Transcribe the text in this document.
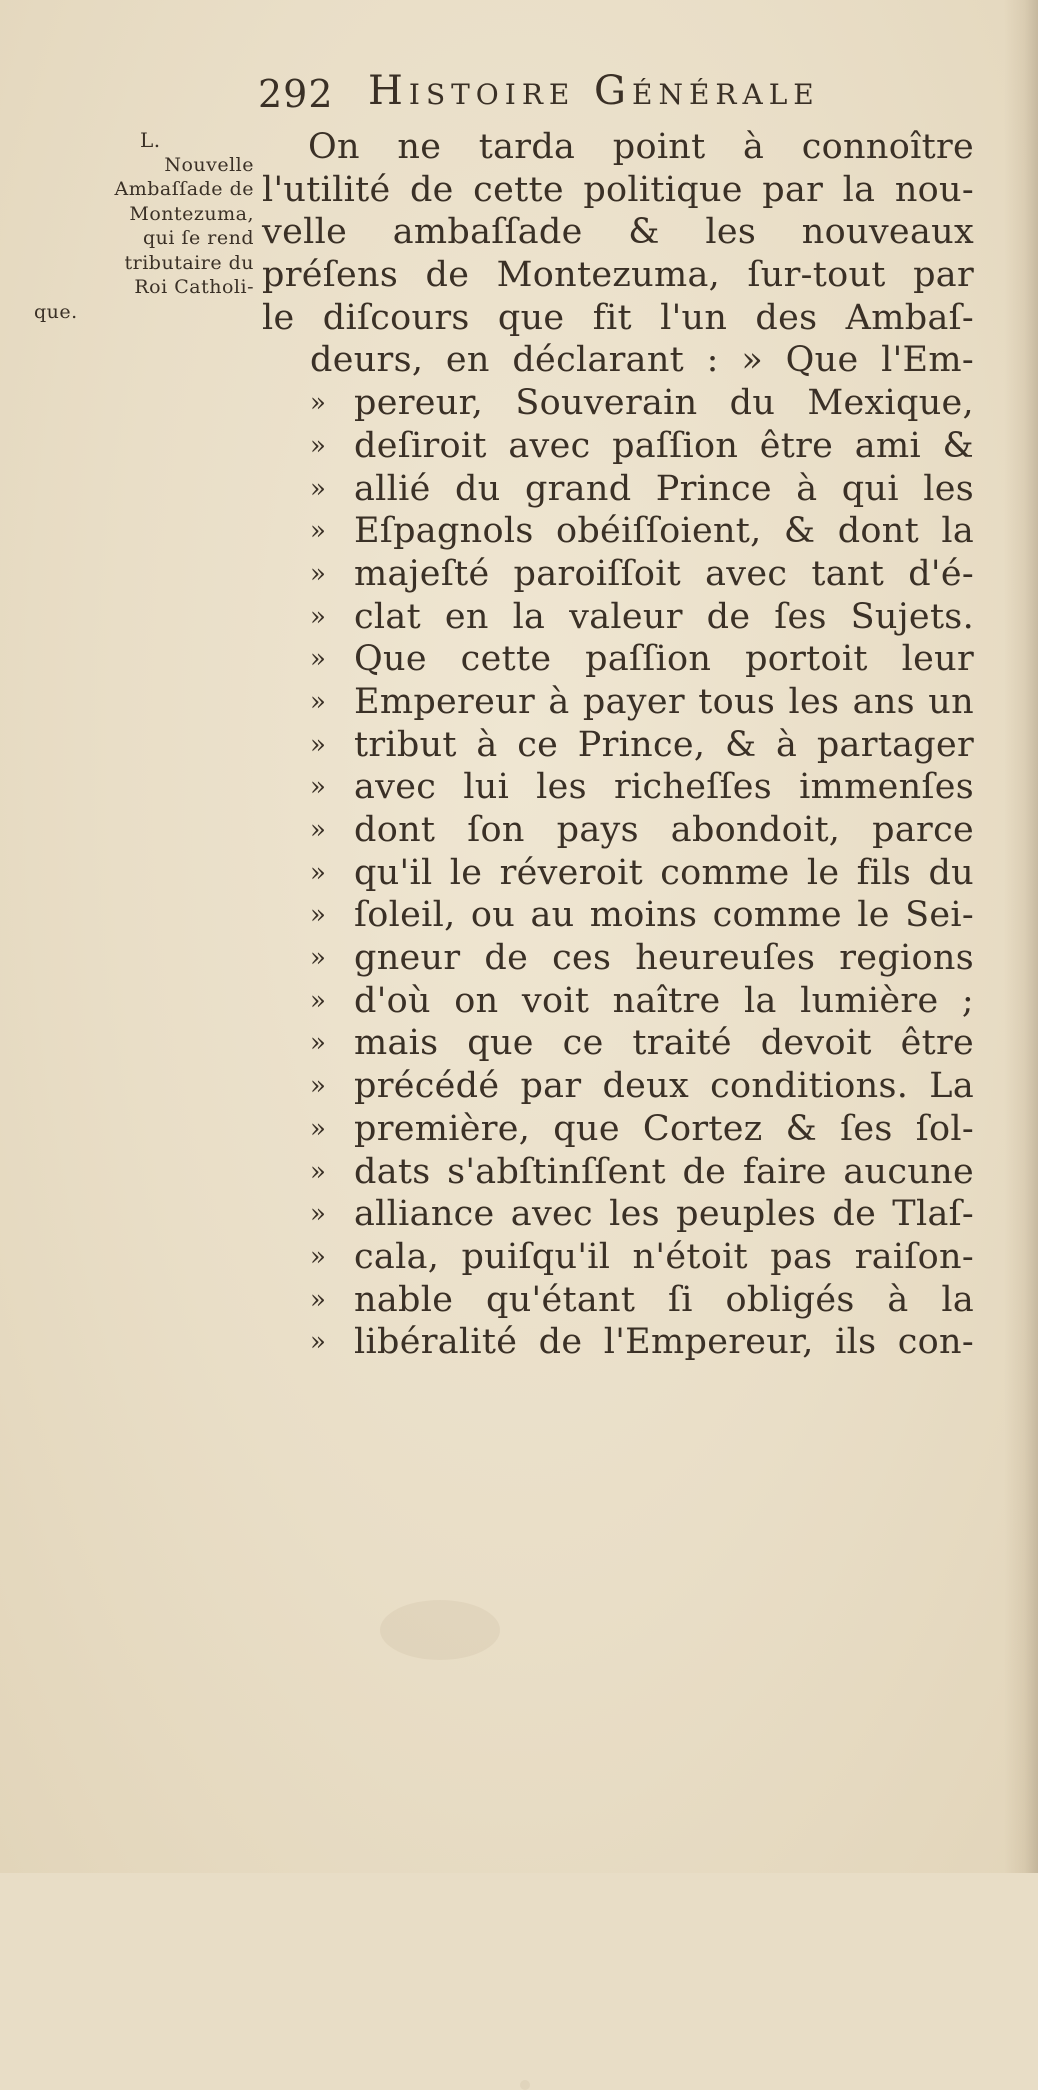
292 Histoire Générale
L.
Nouvelle
Ambaſſade de
Montezuma,
qui ſe rend
tributaire du
Roi Catholi-
que.
On ne tarda point à connoître
l'utilité de cette politique par la nou-
velle ambaſſade & les nouveaux
préſens de Montezuma, ſur-tout par
le diſcours que fit l'un des Ambaſ-
deurs, en déclarant : » Que l'Em-
» pereur, Souverain du Mexique,
» deſiroit avec paſſion être ami &
» allié du grand Prince à qui les
» Eſpagnols obéiſſoient, & dont la
» majeſté paroiſſoit avec tant d'é-
» clat en la valeur de ſes Sujets.
» Que cette paſſion portoit leur
» Empereur à payer tous les ans un
» tribut à ce Prince, & à partager
» avec lui les richeſſes immenſes
» dont ſon pays abondoit, parce
» qu'il le réveroit comme le fils du
» ſoleil, ou au moins comme le Sei-
» gneur de ces heureuſes regions
» d'où on voit naître la lumière ;
» mais que ce traité devoit être
» précédé par deux conditions. La
» première, que Cortez & ſes ſol-
» dats s'abſtinſſent de faire aucune
» alliance avec les peuples de Tlaſ-
» cala, puiſqu'il n'étoit pas raiſon-
» nable qu'étant ſi obligés à la
» libéralité de l'Empereur, ils con-
